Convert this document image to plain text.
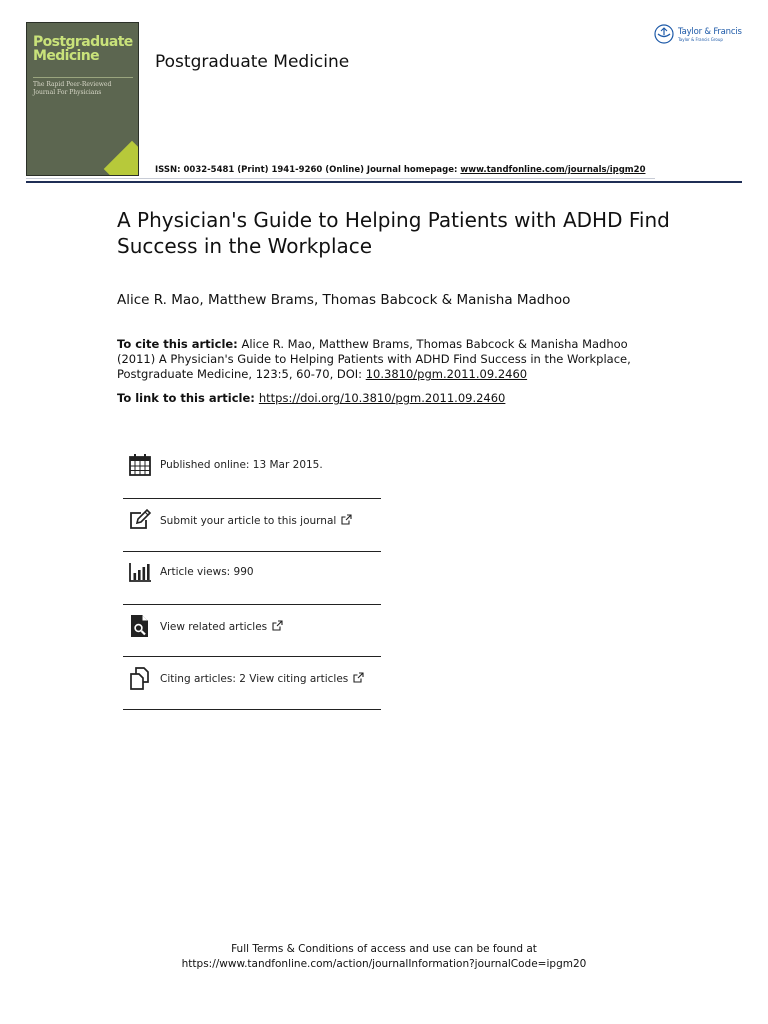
Postgraduate
Medicine
The Rapid Peer-Reviewed
Journal For Physicians
Postgraduate Medicine
Taylor & Francis
Taylor & Francis Group
ISSN: 0032-5481 (Print) 1941-9260 (Online) Journal homepage: www.tandfonline.com/journals/ipgm20
A Physician's Guide to Helping Patients with ADHD Find Success in the Workplace
Alice R. Mao, Matthew Brams, Thomas Babcock & Manisha Madhoo
To cite this article: Alice R. Mao, Matthew Brams, Thomas Babcock & Manisha Madhoo (2011) A Physician's Guide to Helping Patients with ADHD Find Success in the Workplace, Postgraduate Medicine, 123:5, 60-70, DOI: 10.3810/pgm.2011.09.2460
To link to this article: https://doi.org/10.3810/pgm.2011.09.2460
Published online: 13 Mar 2015.
Submit your article to this journal
Article views: 990
View related articles
Citing articles: 2 View citing articles
Full Terms & Conditions of access and use can be found at
https://www.tandfonline.com/action/journalInformation?journalCode=ipgm20
